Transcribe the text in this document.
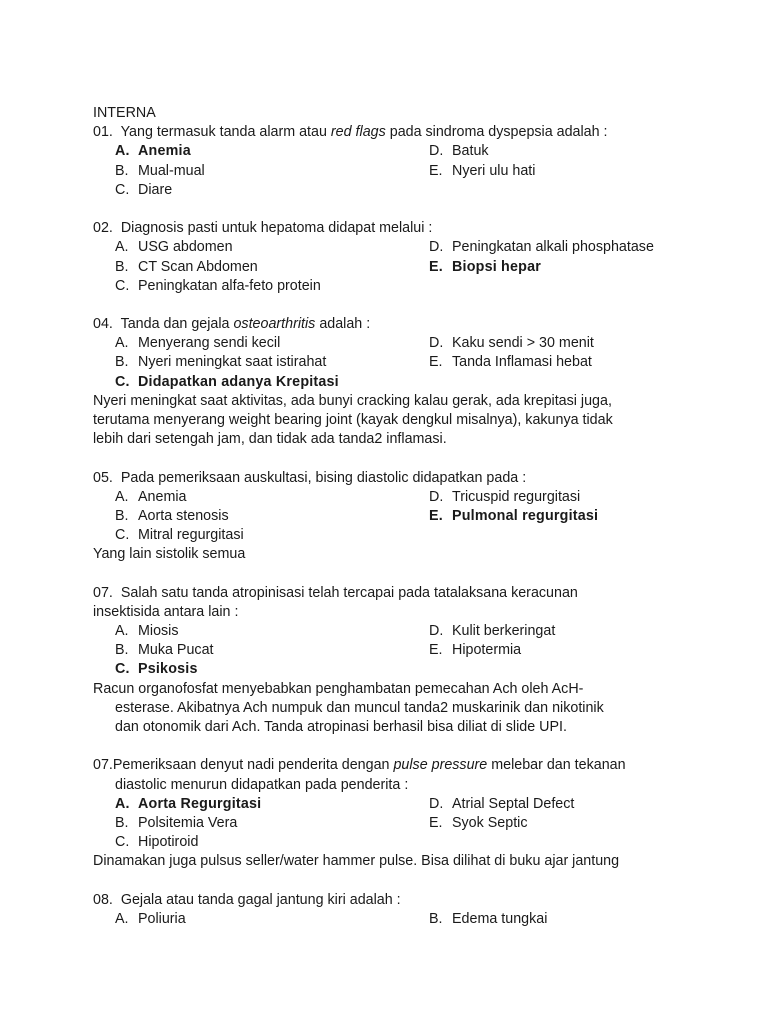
INTERNA
01. Yang termasuk tanda alarm atau red flags pada sindroma dyspepsia adalah :
A. Anemia	D. Batuk
B. Mual-mual	E. Nyeri ulu hati
C. Diare
02. Diagnosis pasti untuk hepatoma didapat melalui :
A. USG abdomen	D. Peningkatan alkali phosphatase
B. CT Scan Abdomen	E. Biopsi hepar
C. Peningkatan alfa-feto protein
04. Tanda dan gejala osteoarthritis adalah :
A. Menyerang sendi kecil	D. Kaku sendi > 30 menit
B. Nyeri meningkat saat istirahat	E. Tanda Inflamasi hebat
C. Didapatkan adanya Krepitasi
Nyeri meningkat saat aktivitas, ada bunyi cracking kalau gerak, ada krepitasi juga,
terutama menyerang weight bearing joint (kayak dengkul misalnya), kakunya tidak
lebih dari setengah jam, dan tidak ada tanda2 inflamasi.
05. Pada pemeriksaan auskultasi, bising diastolic didapatkan pada :
A. Anemia	D. Tricuspid regurgitasi
B. Aorta stenosis	E. Pulmonal regurgitasi
C. Mitral regurgitasi
Yang lain sistolik semua
07. Salah satu tanda atropinisasi telah tercapai pada tatalaksana keracunan
insektisida antara lain :
A. Miosis	D. Kulit berkeringat
B. Muka Pucat	E. Hipotermia
C. Psikosis
Racun organofosfat menyebabkan penghambatan pemecahan Ach oleh AcH-
esterase. Akibatnya Ach numpuk dan muncul tanda2 muskarinik dan nikotinik
dan otonomik dari Ach. Tanda atropinasi berhasil bisa diliat di slide UPI.
07.Pemeriksaan denyut nadi penderita dengan pulse pressure melebar dan tekanan
diastolic menurun didapatkan pada penderita :
A. Aorta Regurgitasi	D. Atrial Septal Defect
B. Polsitemia Vera	E. Syok Septic
C. Hipotiroid
Dinamakan juga pulsus seller/water hammer pulse. Bisa dilihat di buku ajar jantung
08. Gejala atau tanda gagal jantung kiri adalah :
A. Poliuria	B. Edema tungkai
